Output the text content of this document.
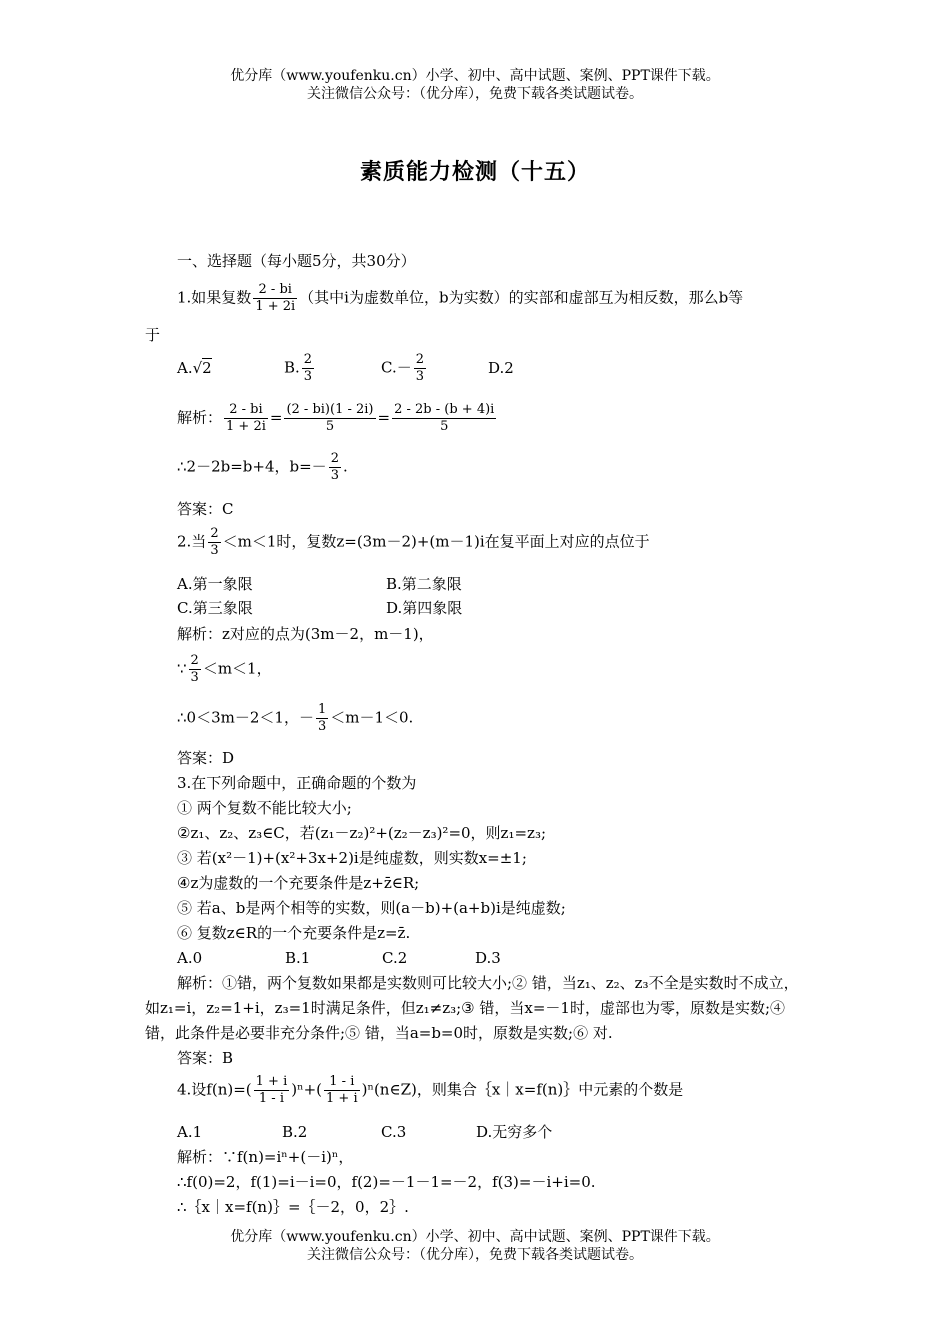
优分库（www.youfenku.cn）小学、初中、高中试题、案例、PPT课件下载。
关注微信公众号：（优分库），免费下载各类试题试卷。
素质能力检测（十五）
一、选择题（每小题5分，共30分）
1.如果复数 $\frac{2 - bi}{1 + 2i}$ （其中i为虚数单位，b为实数）的实部和虚部互为相反数，那么b等
于
A.√2	B. $\frac{2}{3}$	$C.- \frac{2}{3}$	D.2
解析： $\frac{2 - bi}{1 + 2i} = \frac{(2 - bi)(1 - 2i)}{5} = \frac{2 - 2b - (b + 4)i}{5}$
∴2－2b=b+4，$b=- \frac{2}{3}$ .
答案：C
2.当 $\frac{2}{3} <m<1$时，复数z=(3m－2)+(m－1)i在复平面上对应的点位于
A.第一象限	B.第二象限
C.第三象限	D.第四象限
解析：z对应的点为(3m－2，m－1)，
∵ $\frac{2}{3} <m<1$，
∴0＜3m－2＜1，－ $\frac{1}{3} <m-1<0$.
答案：D
3.在下列命题中，正确命题的个数为
① 两个复数不能比较大小;
②z₁、z₂、z₃∈C，若(z₁－z₂)²+(z₂－z₃)²=0，则z₁=z₃;
③ 若(x²－1)+(x²+3x+2)i是纯虚数，则实数x=±1;
④z为虚数的一个充要条件是z+z̄∈R;
⑤ 若a、b是两个相等的实数，则(a－b)+(a+b)i是纯虚数;
⑥ 复数z∈R的一个充要条件是z=z̄.
A.0	B.1	C.2	D.3
解析：①错，两个复数如果都是实数则可比较大小;② 错，当z₁、z₂、z₃不全是实数时不成立，如z₁=i，z₂=1+i，z₃=1时满足条件，但z₁≠z₃;③ 错，当x=－1时，虚部也为零，原数是实数;④ 错，此条件是必要非充分条件;⑤ 错，当a=b=0时，原数是实数;⑥ 对.
答案：B
4.设$f(n)=( \frac{1 + i}{1 - i} )^n+( \frac{1 - i}{1 + i}$ )ⁿ(n∈Z)，则集合｛x｜x=f(n)｝中元素的个数是
A.1	B.2	C.3	D.无穷多个
解析：∵f(n)=iⁿ+(－i)ⁿ，
∴f(0)=2，f(1)=i－i=0，f(2)=－1－1=－2，f(3)=－i+i=0.
∴｛x｜x=f(n)｝=｛－2，0，2｝.
优分库（www.youfenku.cn）小学、初中、高中试题、案例、PPT课件下载。
关注微信公众号：（优分库），免费下载各类试题试卷。
